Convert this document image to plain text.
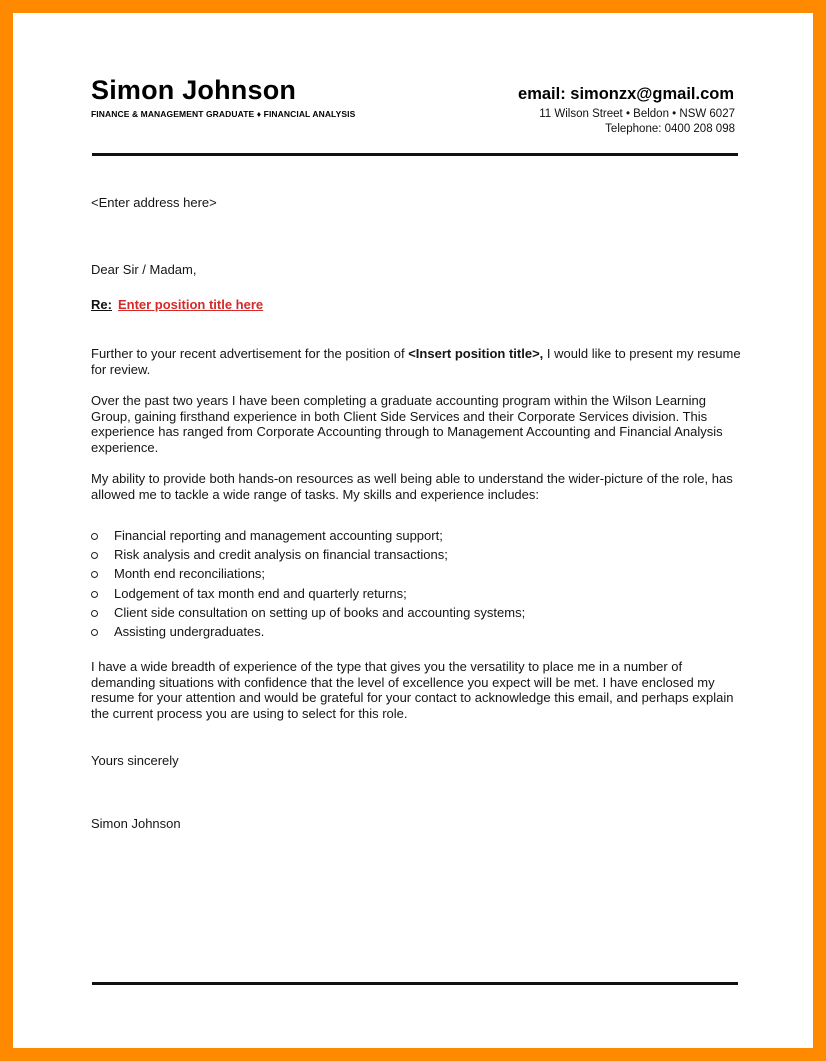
Simon Johnson
FINANCE & MANAGEMENT GRADUATE ♦ FINANCIAL ANALYSIS
email: simonzx@gmail.com
11 Wilson Street • Beldon • NSW 6027
Telephone: 0400 208 098
<Enter address here>
Dear Sir / Madam,
Re: Enter position title here
Further to your recent advertisement for the position of <Insert position title>, I would like to present my resume for review.
Over the past two years I have been completing a graduate accounting program within the Wilson Learning Group, gaining firsthand experience in both Client Side Services and their Corporate Services division. This experience has ranged from Corporate Accounting through to Management Accounting and Financial Analysis experience.
My ability to provide both hands-on resources as well being able to understand the wider-picture of the role, has allowed me to tackle a wide range of tasks. My skills and experience includes:
Financial reporting and management accounting support;
Risk analysis and credit analysis on financial transactions;
Month end reconciliations;
Lodgement of tax month end and quarterly returns;
Client side consultation on setting up of books and accounting systems;
Assisting undergraduates.
I have a wide breadth of experience of the type that gives you the versatility to place me in a number of demanding situations with confidence that the level of excellence you expect will be met. I have enclosed my resume for your attention and would be grateful for your contact to acknowledge this email, and perhaps explain the current process you are using to select for this role.
Yours sincerely
Simon Johnson
